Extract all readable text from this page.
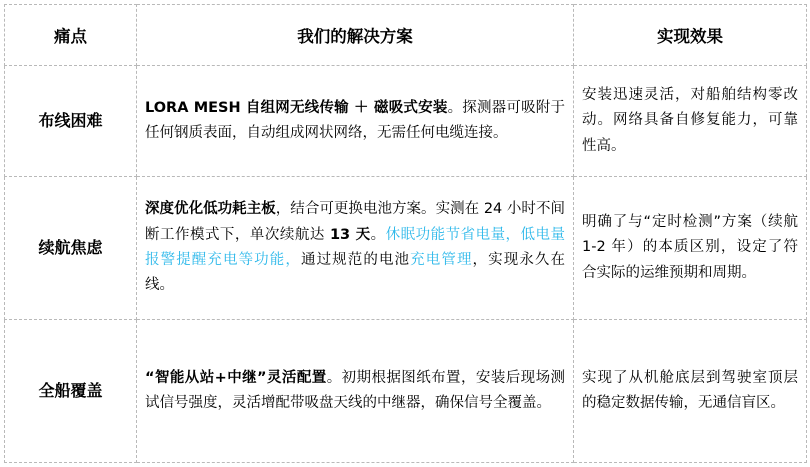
痛点	我们的解决方案	实现效果
布线困难	LORA MESH 自组网无线传输 ＋ 磁吸式安装。探测器可吸附于任何钢质表面，自动组成网状网络，无需任何电缆连接。	安装迅速灵活，对船舶结构零改动。网络具备自修复能力，可靠性高。
续航焦虑	深度优化低功耗主板，结合可更换电池方案。实测在 24 小时不间断工作模式下，单次续航达 13 天。休眠功能节省电量，低电量报警提醒充电等功能，通过规范的电池充电管理，实现永久在线。	明确了与“定时检测”方案（续航 1-2 年）的本质区别，设定了符合实际的运维预期和周期。
全船覆盖	“智能从站+中继”灵活配置。初期根据图纸布置，安装后现场测试信号强度，灵活增配带吸盘天线的中继器，确保信号全覆盖。	实现了从机舱底层到驾驶室顶层的稳定数据传输，无通信盲区。
